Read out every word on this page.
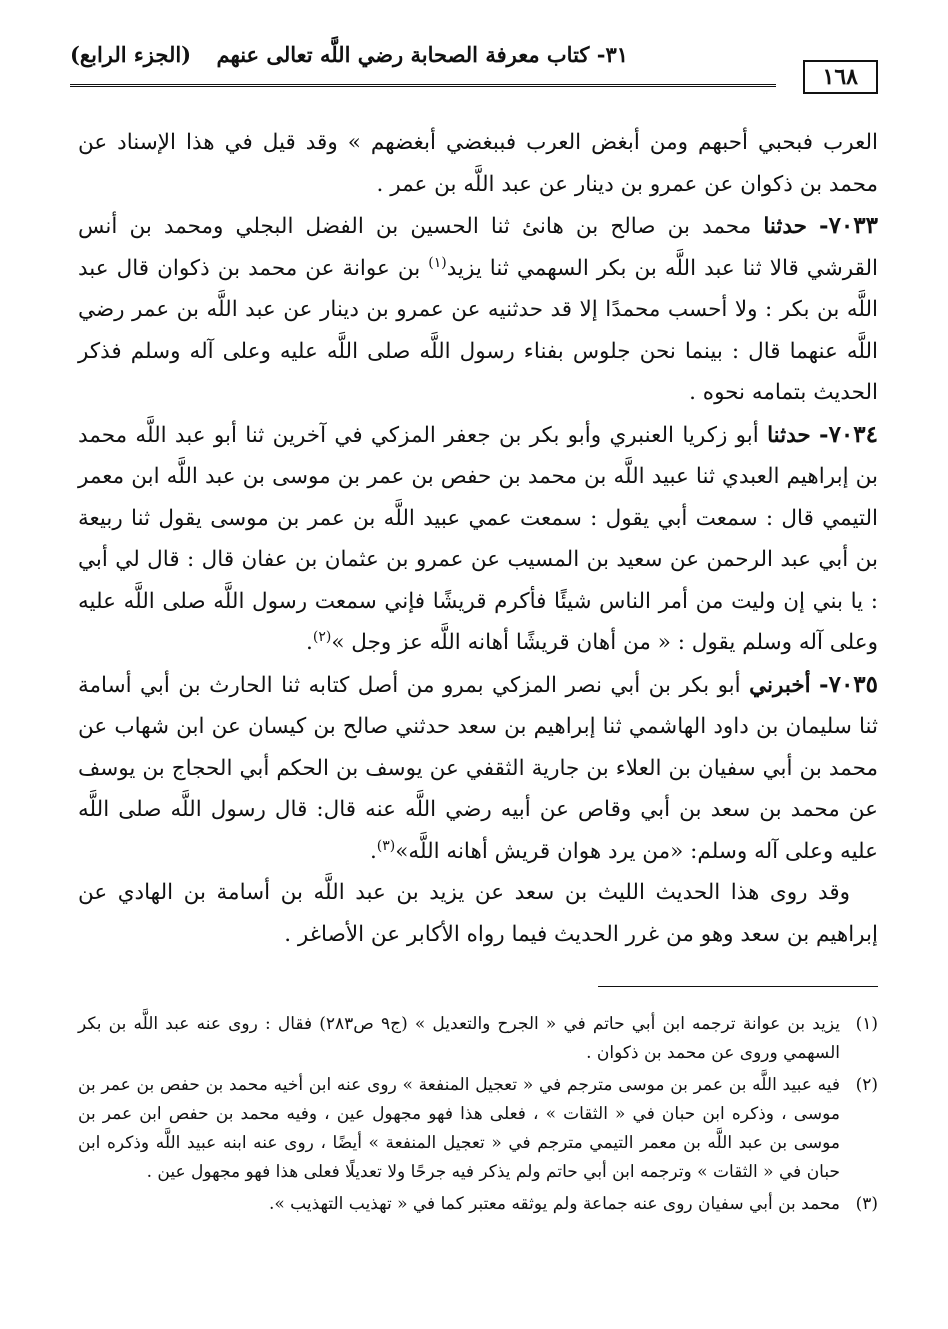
١٦٨
٣١- كتاب معرفة الصحابة رضي اللَّه تعالى عنهم
(الجزء الرابع)

العرب فبحبي أحبهم ومن أبغض العرب فببغضي أبغضهم » وقد قيل في هذا الإسناد عن محمد بن ذكوان عن عمرو بن دينار عن عبد اللَّه بن عمر .

٧٠٣٣- حدثنا محمد بن صالح بن هانئ ثنا الحسين بن الفضل البجلي ومحمد بن أنس القرشي قالا ثنا عبد اللَّه بن بكر السهمي ثنا يزيد$^{(١)}$ بن عوانة عن محمد بن ذكوان قال عبد اللَّه بن بكر : ولا أحسب محمدًا إلا قد حدثنيه عن عمرو بن دينار عن عبد اللَّه بن عمر رضي اللَّه عنهما قال : بينما نحن جلوس بفناء رسول اللَّه صلى اللَّه عليه وعلى آله وسلم فذكر الحديث بتمامه نحوه .

٧٠٣٤- حدثنا أبو زكريا العنبري وأبو بكر بن جعفر المزكي في آخرين ثنا أبو عبد اللَّه محمد بن إبراهيم العبدي ثنا عبيد اللَّه بن محمد بن حفص بن عمر بن موسى بن عبد اللَّه ابن معمر التيمي قال : سمعت أبي يقول : سمعت عمي عبيد اللَّه بن عمر بن موسى يقول ثنا ربيعة بن أبي عبد الرحمن عن سعيد بن المسيب عن عمرو بن عثمان بن عفان قال : قال لي أبي : يا بني إن وليت من أمر الناس شيئًا فأكرم قريشًا فإني سمعت رسول اللَّه صلى اللَّه عليه وعلى آله وسلم يقول : « من أهان قريشًا أهانه اللَّه عز وجل »$^{(٢)}$.

٧٠٣٥- أخبرني أبو بكر بن أبي نصر المزكي بمرو من أصل كتابه ثنا الحارث بن أبي أسامة ثنا سليمان بن داود الهاشمي ثنا إبراهيم بن سعد حدثني صالح بن كيسان عن ابن شهاب عن محمد بن أبي سفيان بن العلاء بن جارية الثقفي عن يوسف بن الحكم أبي الحجاج بن يوسف عن محمد بن سعد بن أبي وقاص عن أبيه رضي اللَّه عنه قال: قال رسول اللَّه صلى اللَّه عليه وعلى آله وسلم: «من يرد هوان قريش أهانه اللَّه»$^{(٣)}$.

وقد روى هذا الحديث الليث بن سعد عن يزيد بن عبد اللَّه بن أسامة بن الهادي عن إبراهيم بن سعد وهو من غرر الحديث فيما رواه الأكابر عن الأصاغر .

(١)
يزيد بن عوانة ترجمه ابن أبي حاتم في « الجرح والتعديل » (ج٩ ص٢٨٣) فقال : روى عنه عبد اللَّه بن بكر السهمي وروى عن محمد بن ذكوان .
(٢)
فيه عبيد اللَّه بن عمر بن موسى مترجم في « تعجيل المنفعة » روى عنه ابن أخيه محمد بن حفص بن عمر بن موسى ، وذكره ابن حبان في « الثقات » ، فعلى هذا فهو مجهول عين ، وفيه محمد بن حفص ابن عمر بن موسى بن عبد اللَّه بن معمر التيمي مترجم في « تعجيل المنفعة » أيضًا ، روى عنه ابنه عبيد اللَّه وذكره ابن حبان في « الثقات » وترجمه ابن أبي حاتم ولم يذكر فيه جرحًا ولا تعديلًا فعلى هذا فهو مجهول عين .
(٣)
محمد بن أبي سفيان روى عنه جماعة ولم يوثقه معتبر كما في « تهذيب التهذيب ».
